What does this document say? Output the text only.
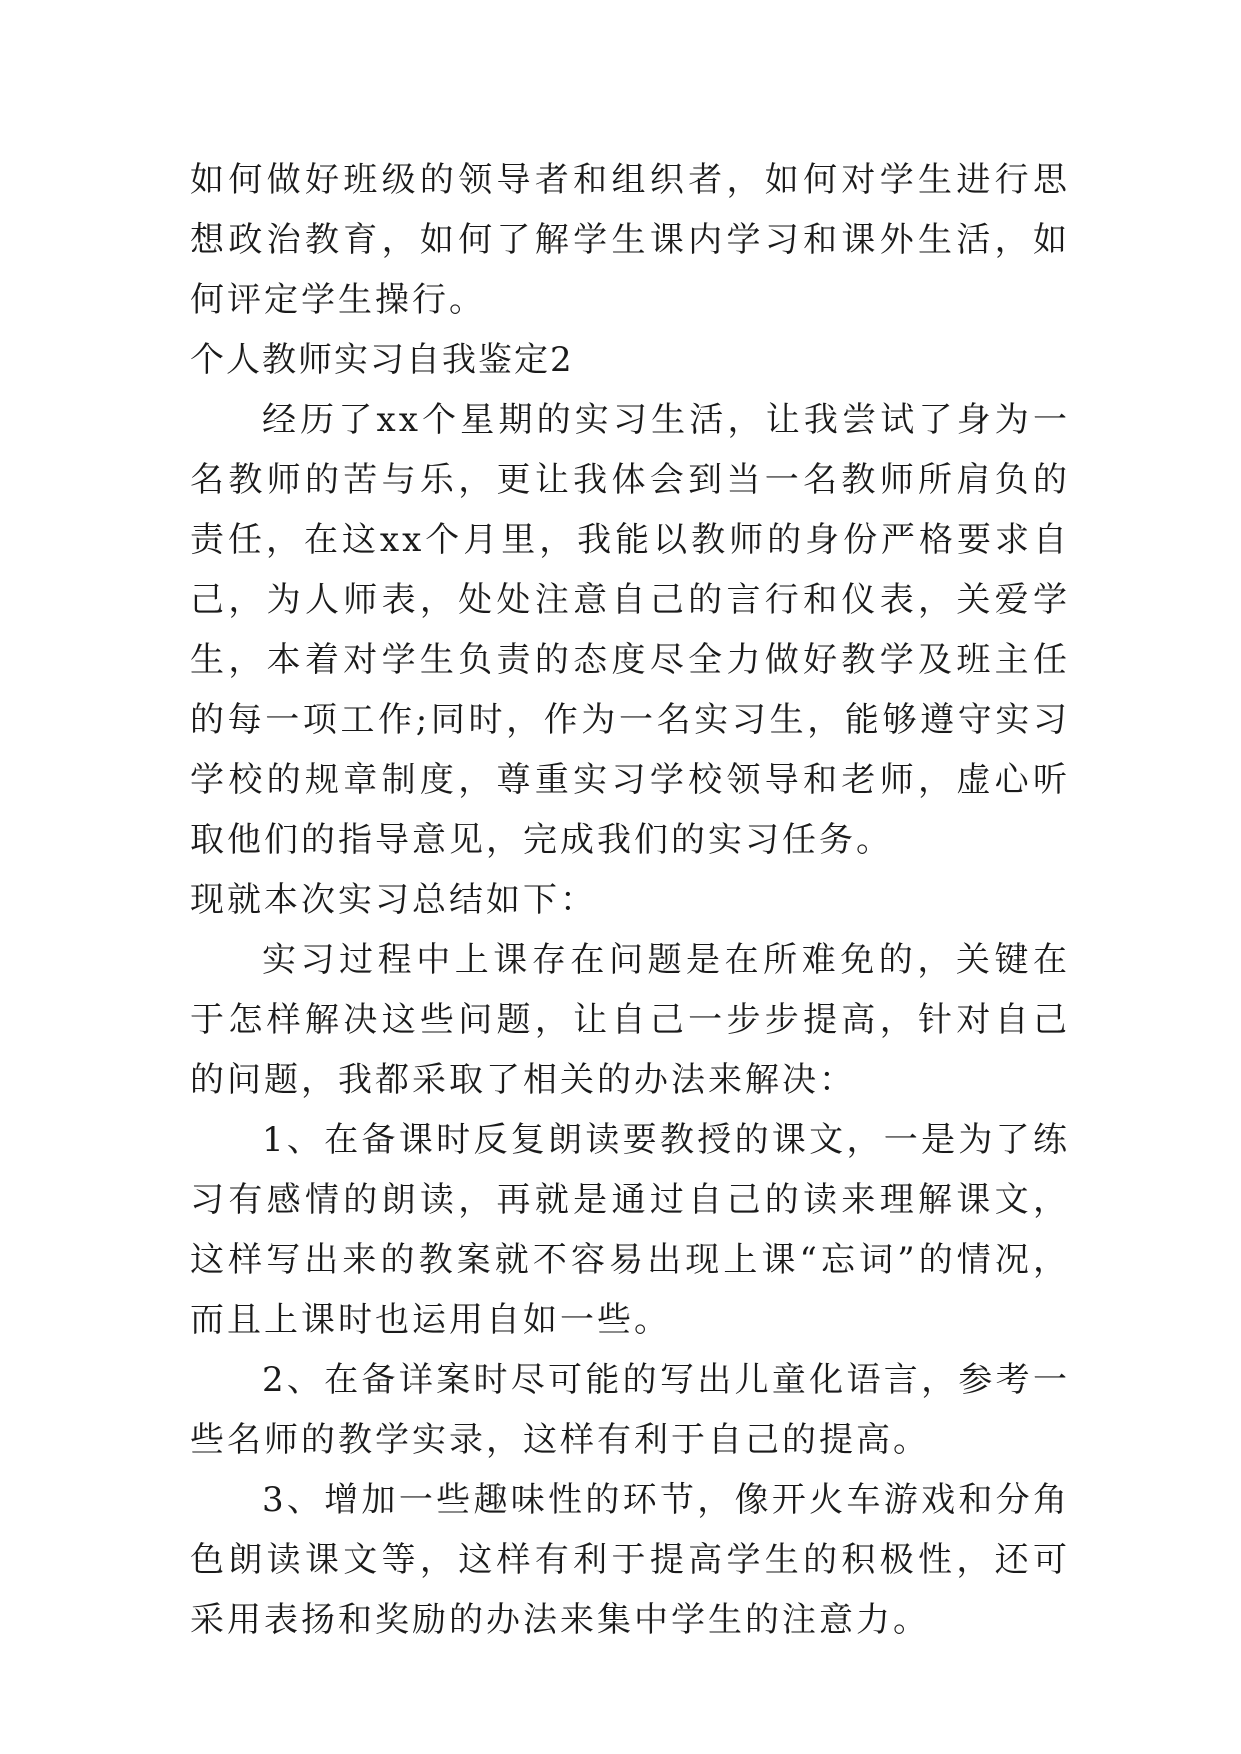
如何做好班级的领导者和组织者，如何对学生进行思想政治教育，如何了解学生课内学习和课外生活，如何评定学生操行。

个人教师实习自我鉴定2

经历了xx个星期的实习生活，让我尝试了身为一名教师的苦与乐，更让我体会到当一名教师所肩负的责任，在这xx个月里，我能以教师的身份严格要求自己，为人师表，处处注意自己的言行和仪表，关爱学生，本着对学生负责的态度尽全力做好教学及班主任的每一项工作;同时，作为一名实习生，能够遵守实习学校的规章制度，尊重实习学校领导和老师，虚心听取他们的指导意见，完成我们的实习任务。

现就本次实习总结如下：

实习过程中上课存在问题是在所难免的，关键在于怎样解决这些问题，让自己一步步提高，针对自己的问题，我都采取了相关的办法来解决：

1、在备课时反复朗读要教授的课文，一是为了练习有感情的朗读，再就是通过自己的读来理解课文，这样写出来的教案就不容易出现上课“忘词”的情况，而且上课时也运用自如一些。

2、在备详案时尽可能的写出儿童化语言，参考一些名师的教学实录，这样有利于自己的提高。

3、增加一些趣味性的环节，像开火车游戏和分角色朗读课文等，这样有利于提高学生的积极性，还可采用表扬和奖励的办法来集中学生的注意力。
